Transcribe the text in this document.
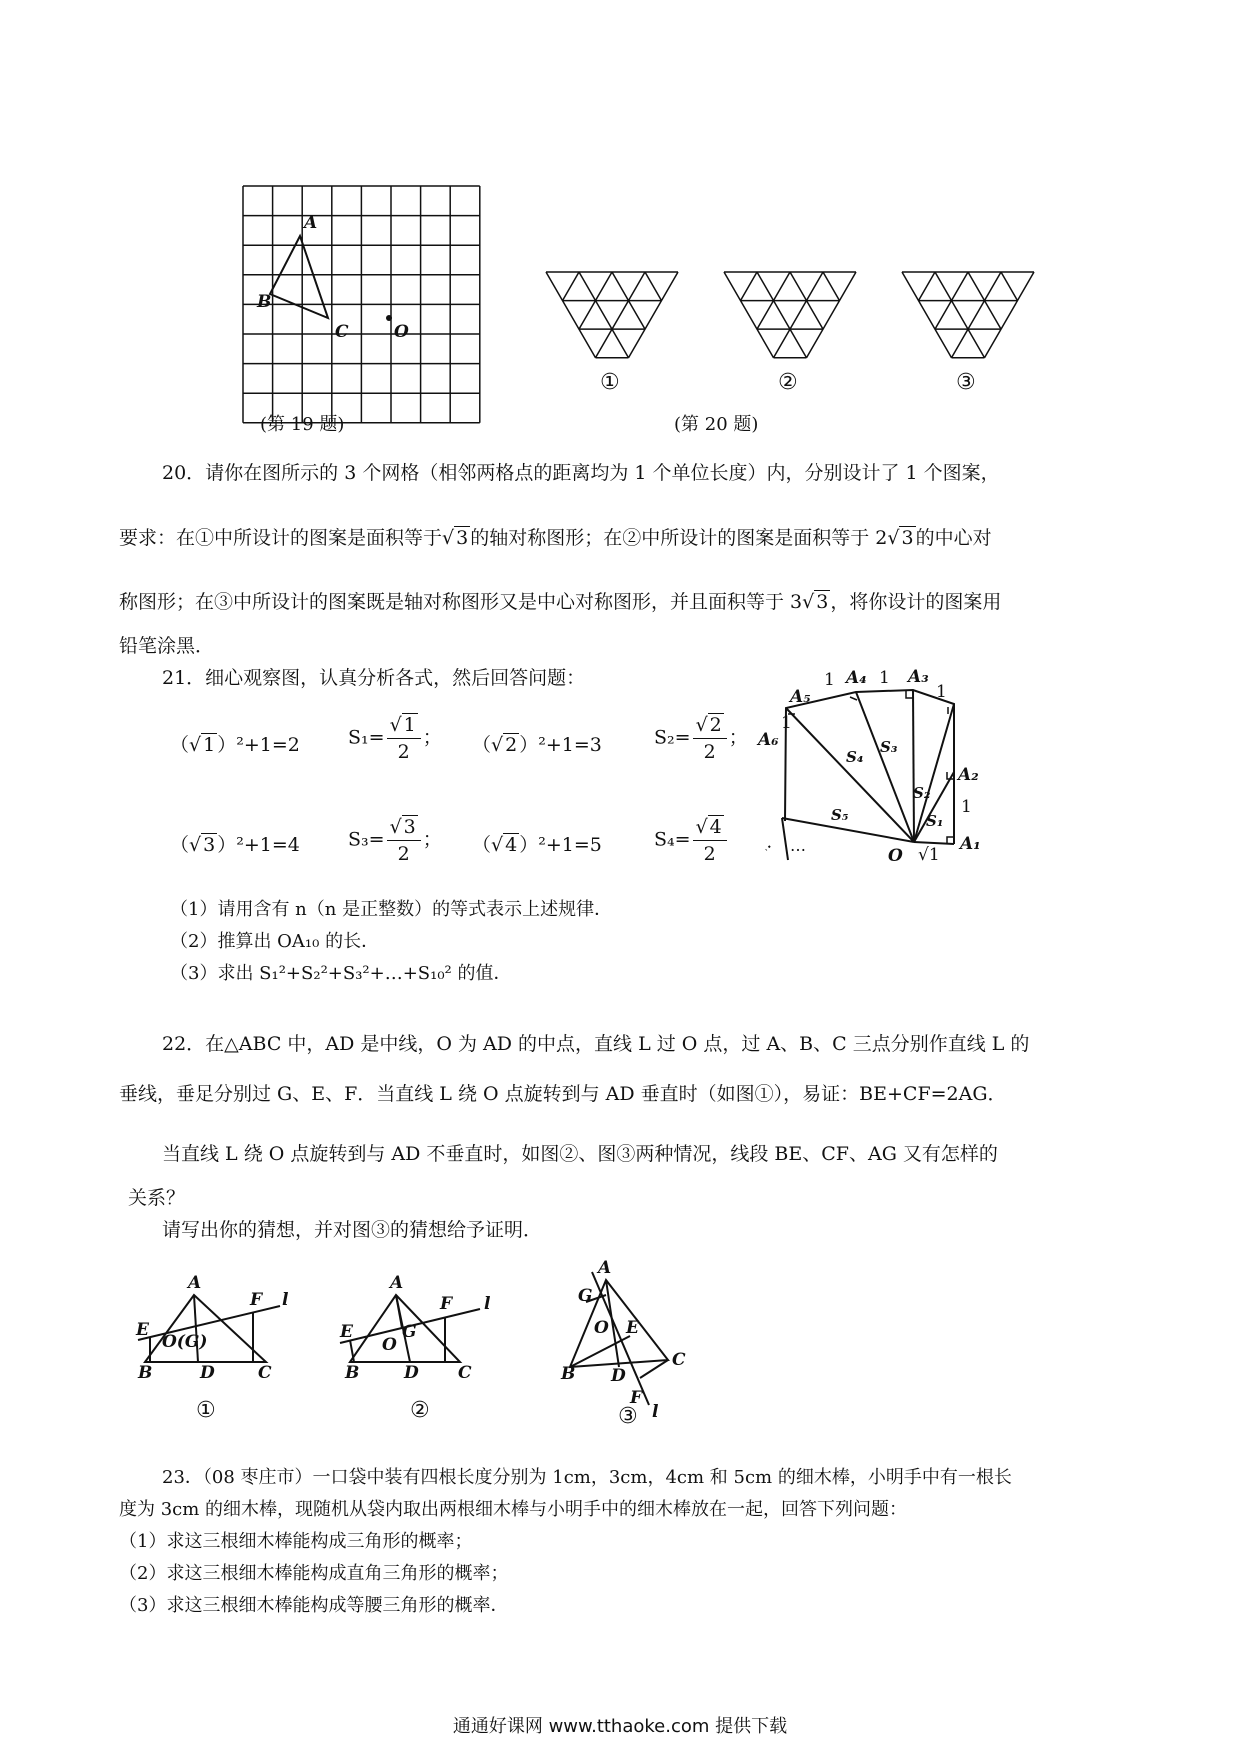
A
B
C	O
(第 19 题)
①	②	③
(第 20 题)
20．请你在图所示的 3 个网格（相邻两格点的距离均为 1 个单位长度）内，分别设计了 1 个图案，
要求：在①中所设计的图案是面积等于√ 3 的轴对称图形；在②中所设计的图案是面积等于 2√ 3 的中心对
称图形；在③中所设计的图案既是轴对称图形又是中心对称图形，并且面积等于 3√ 3 ，将你设计的图案用
铅笔涂黑．
21．细心观察图，认真分析各式，然后回答问题：
（√ 1 ）²+1=2	$S_1= \frac{√ 1}{2}$ ； （√ 2 ）²+1=3	$S_2= \frac{√ 2}{2}$ ；
（√ 3 ）²+1=4	$S_3= \frac{√ 3}{2}$ ； （√ 4 ）²+1=5	$S_4= \frac{√ 4}{2}$	A₁
A₂
A₃
A₄
A₅
A₆
O √1
1	1
1
1
1
S₁
S₂
S₃
S₄
S₅
…
（1）请用含有 n（n 是正整数）的等式表示上述规律．
（2）推算出 OA₁₀ 的长．
（3）求出 S₁²+S₂²+S₃²+…+S₁₀² 的值．
22．在△ABC 中，AD 是中线，O 为 AD 的中点，直线 L 过 O 点，过 A、B、C 三点分别作直线 L 的
垂线，垂足分别过 G、E、F．当直线 L 绕 O 点旋转到与 AD 垂直时（如图①），易证：BE+CF=2AG．
当直线 L 绕 O 点旋转到与 AD 不垂直时，如图②、图③两种情况，线段 BE、CF、AG 又有怎样的
关系？
请写出你的猜想，并对图③的猜想给予证明．
A
B	C
D
E
F
O(G)
l
①
A
B	C
D
E
F
G
O
l
②
A
B
C
D
E
F
G
O
l
③
23．（08 枣庄市）一口袋中装有四根长度分别为 1cm，3cm，4cm 和 5cm 的细木棒，小明手中有一根长
度为 3cm 的细木棒，现随机从袋内取出两根细木棒与小明手中的细木棒放在一起，回答下列问题：
（1）求这三根细木棒能构成三角形的概率；
（2）求这三根细木棒能构成直角三角形的概率；
（3）求这三根细木棒能构成等腰三角形的概率．
通通好课网 www.tthaoke.com 提供下载
